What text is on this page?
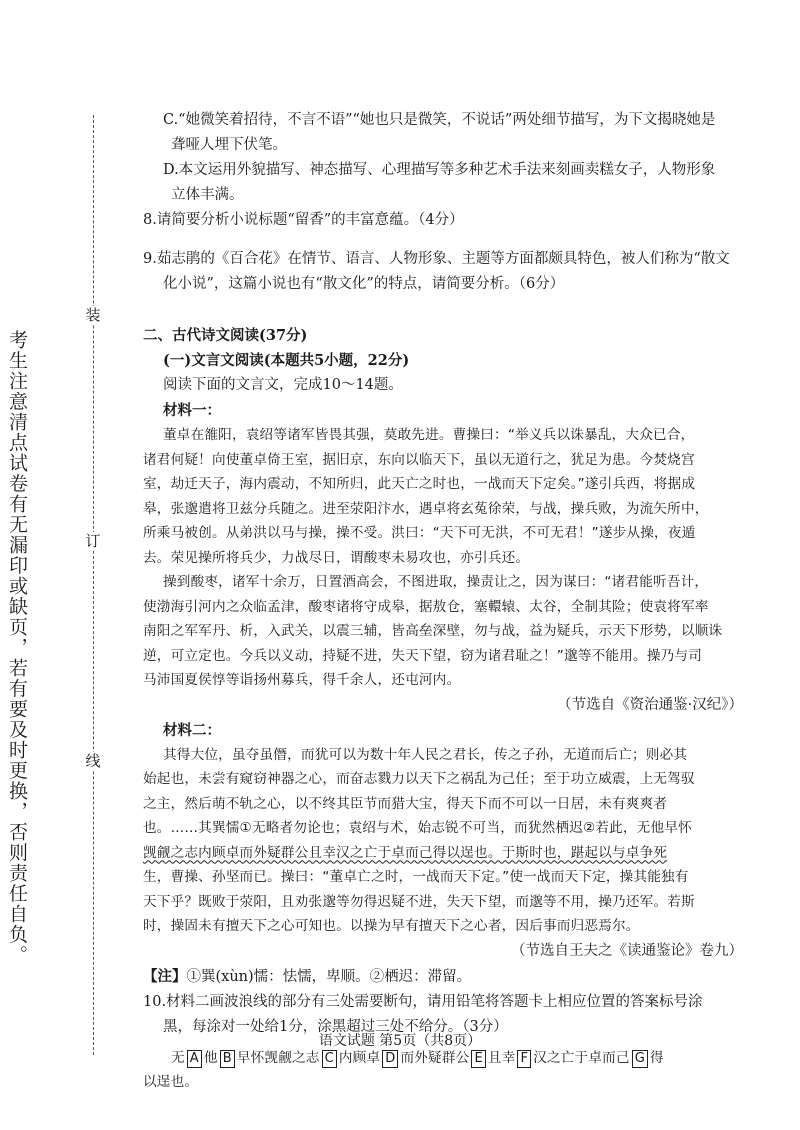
装
订
线
考生注意清点试卷有无漏印或缺页，若有要及时更换，否则责任自负。
C.“她微笑着招待，不言不语”“她也只是微笑，不说话”两处细节描写，为下文揭晓她是
聋哑人埋下伏笔。
D.本文运用外貌描写、神态描写、心理描写等多种艺术手法来刻画卖糕女子，人物形象
立体丰满。
8.请简要分析小说标题“留香”的丰富意蕴。（4分）
9.茹志鹃的《百合花》在情节、语言、人物形象、主题等方面都颇具特色，被人们称为“散文
化小说”，这篇小说也有“散文化”的特点，请简要分析。（6分）
二、古代诗文阅读(37分)
(一)文言文阅读(本题共5小题，22分)
阅读下面的文言文，完成10～14题。
材料一：
董卓在雒阳，袁绍等诸军皆畏其强，莫敢先进。曹操曰：“举义兵以诛暴乱，大众已合，
诸君何疑！向使董卓倚王室，据旧京，东向以临天下，虽以无道行之，犹足为患。今焚烧宫
室，劫迁天子，海内震动，不知所归，此天亡之时也，一战而天下定矣。”遂引兵西，将据成
皋，张邈遣将卫兹分兵随之。进至荥阳汴水，遇卓将玄菟徐荣，与战，操兵败，为流矢所中，
所乘马被创。从弟洪以马与操，操不受。洪曰：“天下可无洪，不可无君！”遂步从操，夜遁
去。荣见操所将兵少，力战尽日，谓酸枣未易攻也，亦引兵还。
操到酸枣，诸军十余万，日置酒高会，不图进取，操责让之，因为谋曰：“诸君能听吾计，
使渤海引河内之众临孟津，酸枣诸将守成皋，据敖仓，塞轘辕、太谷，全制其险；使袁将军率
南阳之军军丹、析，入武关，以震三辅，皆高垒深壁，勿与战，益为疑兵，示天下形势，以顺诛
逆，可立定也。今兵以义动，持疑不进，失天下望，窃为诸君耻之！”邈等不能用。操乃与司
马沛国夏侯惇等诣扬州募兵，得千余人，还屯河内。
（节选自《资治通鉴·汉纪》）
材料二：
其得大位，虽夺虽僭，而犹可以为数十年人民之君长，传之子孙，无道而后亡；则必其
始起也，未尝有窥窃神器之心，而奋志戮力以天下之祸乱为己任；至于功立威震，上无驾驭
之主，然后萌不轨之心，以不终其臣节而猎大宝，得天下而不可以一日居，未有爽爽者
也。……其巽懦①无略者勿论也；袁绍与术，始志锐不可当，而犹然栖迟②若此，无他早怀
觊觎之志内顾卓而外疑群公且幸汉之亡于卓而己得以逞也。于斯时也，踸起以与卓争死
生，曹操、孙坚而已。操曰：“董卓亡之时，一战而天下定。”使一战而天下定，操其能独有
天下乎？既败于荥阳，且劝张邈等勿得迟疑不进，失天下望，而邈等不用，操乃还军。若斯
时，操固未有擅天下之心可知也。以操为早有擅天下之心者，因后事而归恶焉尔。
（节选自王夫之《读通鉴论》卷九）
【注】①巽(xùn)懦：怯懦，卑顺。②栖迟：滞留。
10.材料二画波浪线的部分有三处需要断句，请用铅笔将答题卡上相应位置的答案标号涂
黑，每涂对一处给1分，涂黑超过三处不给分。（3分）
无 A 他 B 早怀觊觎之志 C 内顾卓 D 而外疑群公 E 且幸 F 汉之亡于卓而己 G 得
以逞也。
语文试题 第5页（共8页）
